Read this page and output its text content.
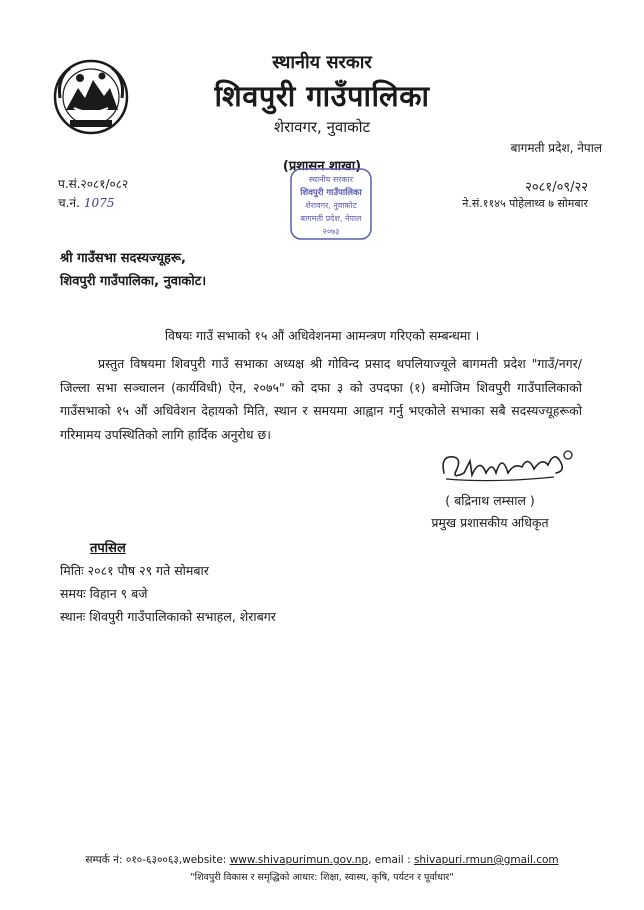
स्थानीय सरकार
शिवपुरी गाउँपालिका
शेरावगर, नुवाकोट
बागमती प्रदेश, नेपाल
(प्रशासन शाखा)
स्थानीय सरकार
शिवपुरी गाउँपालिका
शेरावगर, नुवाकोट
बागमती प्रदेश, नेपाल
२०७३
प.सं.२०८१/०८२
च.नं. 1075
२०८१/०९/२२
ने.सं.११४५ पोहेलाथ्व ७ सोमबार
श्री गाउँसभा सदस्यज्यूहरू,
शिवपुरी गाउँपालिका, नुवाकोट।
विषयः गाउँ सभाको १५ औं अधिवेशनमा आमन्त्रण गरिएको सम्बन्धमा ।
प्रस्तुत विषयमा शिवपुरी गाउँ सभाका अध्यक्ष श्री गोविन्द प्रसाद थपलियाज्यूले बागमती प्रदेश "गाउँ/नगर/जिल्ला सभा सञ्चालन (कार्यविधी) ऐन, २०७५" को दफा ३ को उपदफा (१) बमोजिम शिवपुरी गाउँपालिकाको गाउँसभाको १५ औं अधिवेशन देहायको मिति, स्थान र समयमा आह्वान गर्नु भएकोले सभाका सबै सदस्यज्यूहरूको गरिमामय उपस्थितिको लागि हार्दिक अनुरोध छ।
( बद्रिनाथ लम्साल )
प्रमुख प्रशासकीय अधिकृत
तपसिल
मितिः २०८१ पौष २९ गते सोमबार
समयः विहान ९ बजे
स्थानः शिवपुरी गाउँपालिकाको सभाहल, शेराबगर
सम्पर्क नं: ०१०-६३००६३,website: www.shivapurimun.gov.np, email : shivapuri.rmun@gmail.com
"शिवपुरी विकास र समृद्धिको आधार: शिक्षा, स्वास्थ, कृषि, पर्यटन र पूर्वाधार"
